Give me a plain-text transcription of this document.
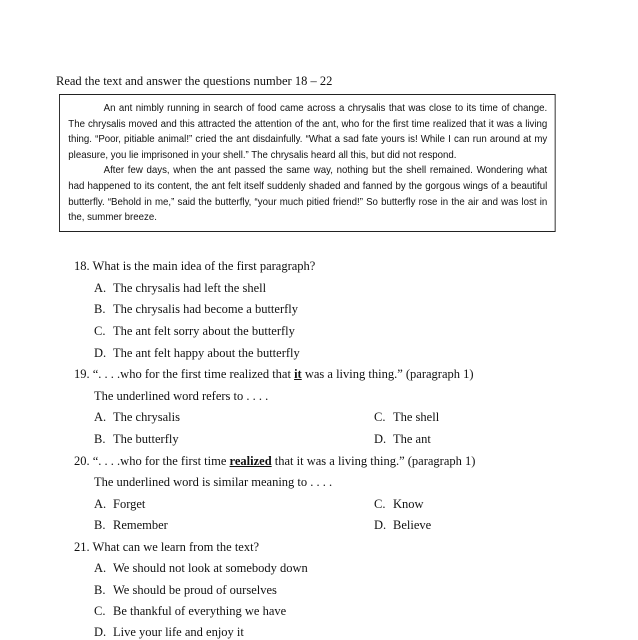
Read the text and answer the questions number 18 – 22

An ant nimbly running in search of food came across a chrysalis that was close to its time of change. The chrysalis moved and this attracted the attention of the ant, who for the first time realized that it was a living thing. “Poor, pitiable animal!” cried the ant disdainfully. “What a sad fate yours is! While I can run around at my pleasure, you lie imprisoned in your shell.” The chrysalis heard all this, but did not respond.

After few days, when the ant passed the same way, nothing but the shell remained. Wondering what had happened to its content, the ant felt itself suddenly shaded and fanned by the gorgous wings of a beautiful butterfly. “Behold in me,” said the butterfly, “your much pitied friend!” So butterfly rose in the air and was lost in the, summer breeze.

18. What is the main idea of the first paragraph?
A. The chrysalis had left the shell
B. The chrysalis had become a butterfly
C. The ant felt sorry about the butterfly
D. The ant felt happy about the butterfly
19. “. . . .who for the first time realized that it was a living thing.” (paragraph 1)
The underlined word refers to . . . .
A. The chrysalis	C. The shell
B. The butterfly	D. The ant
20. “. . . .who for the first time realized that it was a living thing.” (paragraph 1)
The underlined word is similar meaning to . . . .
A. Forget	C. Know
B. Remember	D. Believe
21. What can we learn from the text?
A. We should not look at somebody down
B. We should be proud of ourselves
C. Be thankful of everything we have
D. Live your life and enjoy it
